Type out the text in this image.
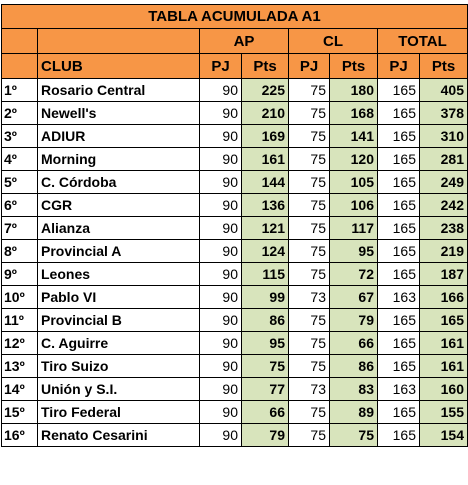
TABLA ACUMULADA A1							
		AP		CL		TOTAL	
	CLUB	PJ	Pts	PJ	Pts	PJ	Pts
1º	Rosario Central	90	225	75	180	165	405
2º	Newell's	90	210	75	168	165	378
3º	ADIUR	90	169	75	141	165	310
4º	Morning	90	161	75	120	165	281
5º	C. Córdoba	90	144	75	105	165	249
6º	CGR	90	136	75	106	165	242
7º	Alianza	90	121	75	117	165	238
8º	Provincial A	90	124	75	95	165	219
9º	Leones	90	115	75	72	165	187
10º	Pablo VI	90	99	73	67	163	166
11º	Provincial B	90	86	75	79	165	165
12º	C. Aguirre	90	95	75	66	165	161
13º	Tiro Suizo	90	75	75	86	165	161
14º	Unión y S.I.	90	77	73	83	163	160
15º	Tiro Federal	90	66	75	89	165	155
16º	Renato Cesarini	90	79	75	75	165	154
